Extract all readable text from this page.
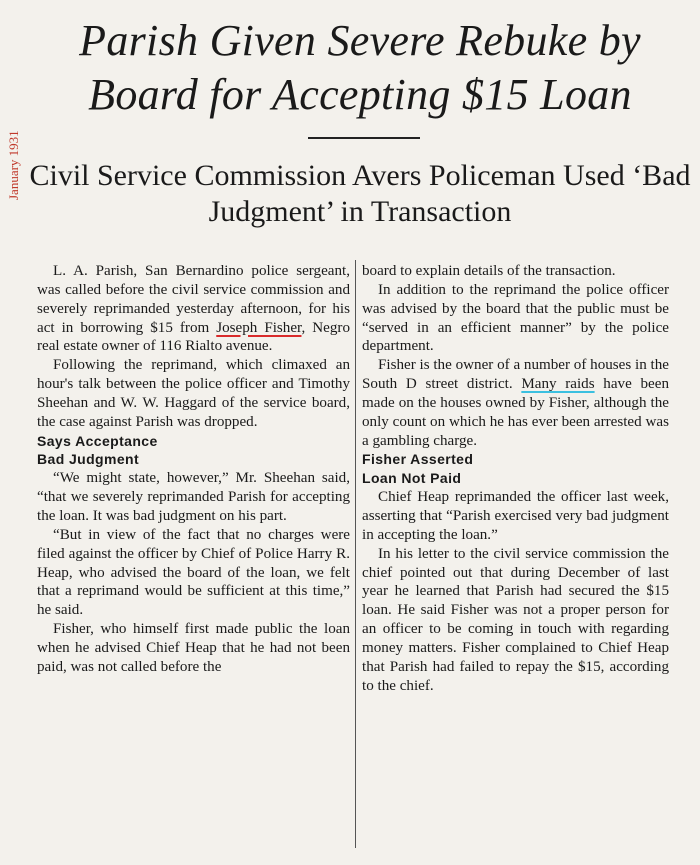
January 1931
Parish Given Severe Rebuke by Board for Accepting $15 Loan
Civil Service Commission Avers Policeman Used ‘Bad Judgment’ in Transaction

L. A. Parish, San Bernardino police sergeant, was called before the civil service commission and severely reprimanded yesterday afternoon, for his act in borrowing $15 from Joseph Fisher, Negro real estate owner of 116 Rialto avenue.

Following the reprimand, which climaxed an hour's talk between the police officer and Timothy Sheehan and W. W. Haggard of the service board, the case against Parish was dropped.

Says Acceptance
Bad Judgment

“We might state, however,” Mr. Sheehan said, “that we severely reprimanded Parish for accepting the loan. It was bad judgment on his part.

“But in view of the fact that no charges were filed against the officer by Chief of Police Harry R. Heap, who advised the board of the loan, we felt that a reprimand would be sufficient at this time,” he said.

Fisher, who himself first made public the loan when he advised Chief Heap that he had not been paid, was not called before the

board to explain details of the transaction.

In addition to the reprimand the police officer was advised by the board that the public must be “served in an efficient manner” by the police department.

Fisher is the owner of a number of houses in the South D street district. Many raids have been made on the houses owned by Fisher, although the only count on which he has ever been arrested was a gambling charge.

Fisher Asserted
Loan Not Paid

Chief Heap reprimanded the officer last week, asserting that “Parish exercised very bad judgment in accepting the loan.”

In his letter to the civil service commission the chief pointed out that during December of last year he learned that Parish had secured the $15 loan. He said Fisher was not a proper person for an officer to be coming in touch with regarding money matters. Fisher complained to Chief Heap that Parish had failed to repay the $15, according to the chief.
